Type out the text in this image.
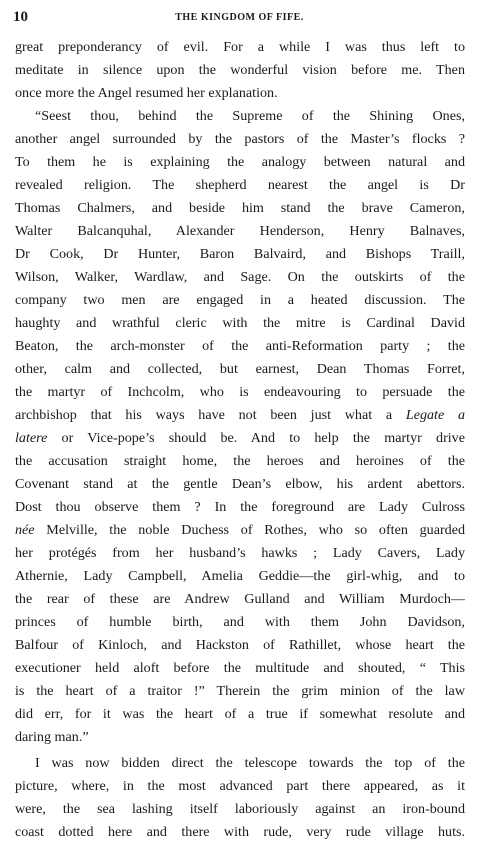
10	THE KINGDOM OF FIFE.
great preponderancy of evil. For a while I was thus left to
meditate in silence upon the wonderful vision before me. Then
once more the Angel resumed her explanation.
“Seest thou, behind the Supreme of the Shining Ones,
another angel surrounded by the pastors of the Master’s flocks ?
To them he is explaining the analogy between natural and
revealed religion. The shepherd nearest the angel is Dr
Thomas Chalmers, and beside him stand the brave Cameron,
Walter Balcanquhal, Alexander Henderson, Henry Balnaves,
Dr Cook, Dr Hunter, Baron Balvaird, and Bishops Traill,
Wilson, Walker, Wardlaw, and Sage. On the outskirts of the
company two men are engaged in a heated discussion. The
haughty and wrathful cleric with the mitre is Cardinal David
Beaton, the arch-monster of the anti-Reformation party ; the
other, calm and collected, but earnest, Dean Thomas Forret,
the martyr of Inchcolm, who is endeavouring to persuade the
archbishop that his ways have not been just what a Legate a
latere or Vice-pope’s should be. And to help the martyr drive
the accusation straight home, the heroes and heroines of the
Covenant stand at the gentle Dean’s elbow, his ardent abettors.
Dost thou observe them ? In the foreground are Lady Culross
née Melville, the noble Duchess of Rothes, who so often guarded
her protégés from her husband’s hawks ; Lady Cavers, Lady
Athernie, Lady Campbell, Amelia Geddie—the girl-whig, and to
the rear of these are Andrew Gulland and William Murdoch—
princes of humble birth, and with them John Davidson,
Balfour of Kinloch, and Hackston of Rathillet, whose heart the
executioner held aloft before the multitude and shouted, “ This
is the heart of a traitor !” Therein the grim minion of the law
did err, for it was the heart of a true if somewhat resolute and
daring man.”
I was now bidden direct the telescope towards the top of the
picture, where, in the most advanced part there appeared, as it
were, the sea lashing itself laboriously against an iron-bound
coast dotted here and there with rude, very rude village huts.
